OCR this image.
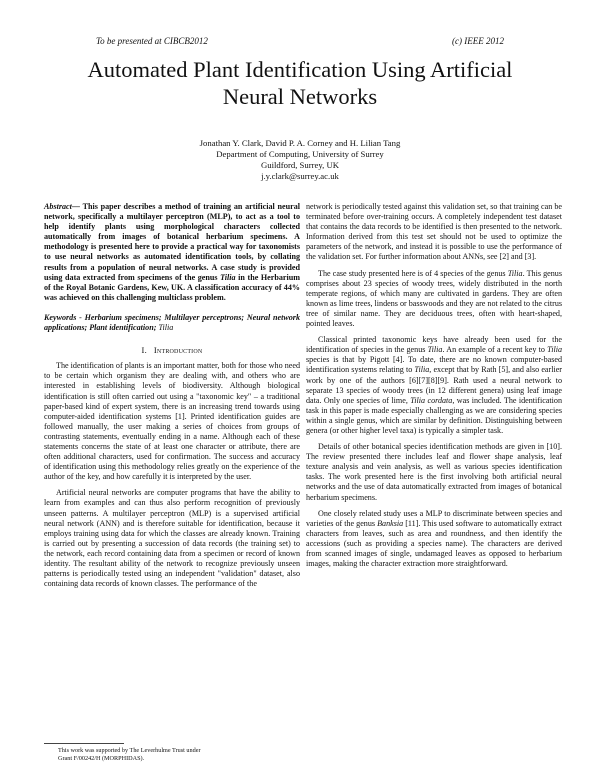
To be presented at CIBCB2012	(c) IEEE 2012
Automated Plant Identification Using Artificial
Neural Networks
Jonathan Y. Clark, David P. A. Corney and H. Lilian Tang
Department of Computing, University of Surrey
Guildford, Surrey, UK
j.y.clark@surrey.ac.uk

Abstract— This paper describes a method of training an artificial neural network, specifically a multilayer perceptron (MLP), to act as a tool to help identify plants using morphological characters collected automatically from images of botanical herbarium specimens. A methodology is presented here to provide a practical way for taxonomists to use neural networks as automated identification tools, by collating results from a population of neural networks. A case study is provided using data extracted from specimens of the genus Tilia in the Herbarium of the Royal Botanic Gardens, Kew, UK. A classification accuracy of 44% was achieved on this challenging multiclass problem.

Keywords - Herbarium specimens; Multilayer perceptrons; Neural network applications; Plant identification; Tilia

I. Introduction

The identification of plants is an important matter, both for those who need to be certain which organism they are dealing with, and others who are interested in establishing levels of biodiversity. Although biological identification is still often carried out using a "taxonomic key" – a traditional paper-based kind of expert system, there is an increasing trend towards using computer-aided identification systems [1]. Printed identification guides are followed manually, the user making a series of choices from groups of contrasting statements, eventually ending in a name. Although each of these statements concerns the state of at least one character or attribute, there are often additional characters, used for confirmation. The success and accuracy of identification using this methodology relies greatly on the experience of the author of the key, and how carefully it is interpreted by the user.

Artificial neural networks are computer programs that have the ability to learn from examples and can thus also perform recognition of previously unseen patterns. A multilayer perceptron (MLP) is a supervised artificial neural network (ANN) and is therefore suitable for identification, because it employs training using data for which the classes are already known. Training is carried out by presenting a succession of data records (the training set) to the network, each record containing data from a specimen or record of known identity. The resultant ability of the network to recognize previously unseen patterns is periodically tested using an independent "validation" dataset, also containing data records of known classes. The performance of the

network is periodically tested against this validation set, so that training can be terminated before over-training occurs. A completely independent test dataset that contains the data records to be identified is then presented to the network. Information derived from this test set should not be used to optimize the parameters of the network, and instead it is possible to use the performance of the validation set. For further information about ANNs, see [2] and [3].

The case study presented here is of 4 species of the genus Tilia. This genus comprises about 23 species of woody trees, widely distributed in the north temperate regions, of which many are cultivated in gardens. They are often known as lime trees, lindens or basswoods and they are not related to the citrus tree of similar name. They are deciduous trees, often with heart-shaped, pointed leaves.

Classical printed taxonomic keys have already been used for the identification of species in the genus Tilia. An example of a recent key to Tilia species is that by Pigott [4]. To date, there are no known computer-based identification systems relating to Tilia, except that by Rath [5], and also earlier work by one of the authors [6][7][8][9]. Rath used a neural network to separate 13 species of woody trees (in 12 different genera) using leaf image data. Only one species of lime, Tilia cordata, was included. The identification task in this paper is made especially challenging as we are considering species within a single genus, which are similar by definition. Distinguishing between genera (or other higher level taxa) is typically a simpler task.

Details of other botanical species identification methods are given in [10]. The review presented there includes leaf and flower shape analysis, leaf texture analysis and vein analysis, as well as various species identification tasks. The work presented here is the first involving both artificial neural networks and the use of data automatically extracted from images of botanical herbarium specimens.

One closely related study uses a MLP to discriminate between species and varieties of the genus Banksia [11]. This used software to automatically extract characters from leaves, such as area and roundness, and then identify the accessions (such as providing a species name). The characters are derived from scanned images of single, undamaged leaves as opposed to herbarium images, making the character extraction more straightforward.

This work was supported by The Leverhulme Trust under
Grant F/00242/H (MORPHIDAS).
